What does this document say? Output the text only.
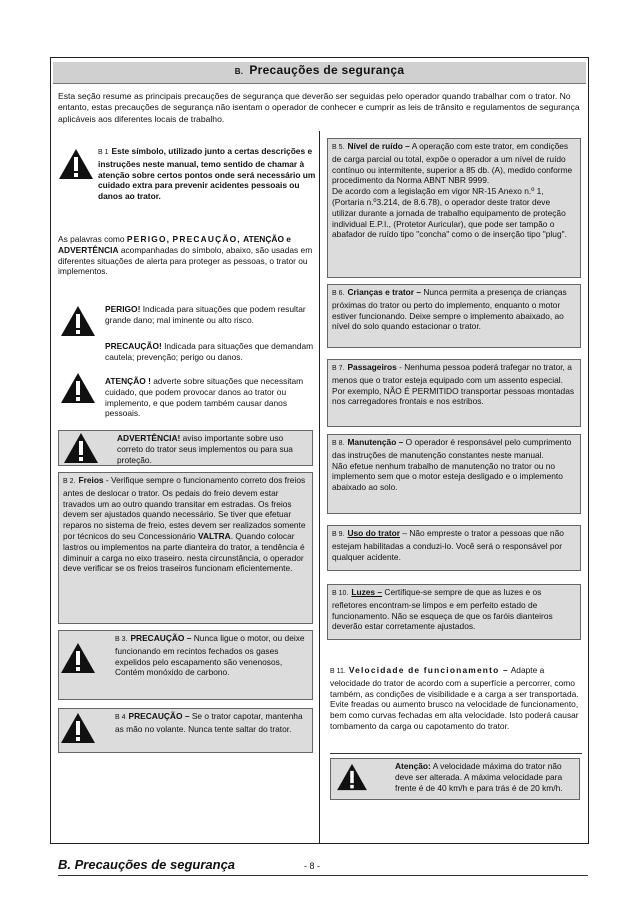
B. Precauções de segurança
Esta seção resume as principais precauções de segurança que deverão ser seguidas pelo operador quando trabalhar com o trator. No entanto, estas precauções de segurança não isentam o operador de conhecer e cumprir as leis de trânsito e regulamentos de segurança aplicáveis aos diferentes locais de trabalho.
B 1 Este símbolo, utilizado junto a certas descrições e instruções neste manual, temo sentido de chamar à atenção sobre certos pontos onde será necessário um cuidado extra para prevenir acidentes pessoais ou danos ao trator.
As palavras como PERIGO, PRECAUÇÃO, ATENÇÃO e ADVERTÊNCIA acompanhadas do símbolo, abaixo, são usadas em diferentes situações de alerta para proteger as pessoas, o trator ou implementos.
PERIGO! Indicada para situações que podem resultar grande dano; mal iminente ou alto risco.
PRECAUÇÃO! Indicada para situações que demandam cautela; prevenção; perigo ou danos.
ATENÇÃO ! adverte sobre situações que necessitam cuidado, que podem provocar danos ao trator ou implemento, e que podem também causar danos pessoais.
ADVERTÊNCIA! aviso importante sobre uso correto do trator seus implementos ou para sua proteção.
B 2. Freios - Verifique sempre o funcionamento correto dos freios antes de deslocar o trator. Os pedais do freio devem estar travados um ao outro quando transitar em estradas. Os freios devem ser ajustados quando necessário. Se tiver que efetuar reparos no sistema de freio, estes devem ser realizados somente por técnicos do seu Concessionário VALTRA. Quando colocar lastros ou implementos na parte dianteira do trator, a tendência é diminuir a carga no eixo traseiro. nesta circunstância, o operador deve verificar se os freios traseiros funcionam eficientemente.
B 3. PRECAUÇÃO – Nunca ligue o motor, ou deixe funcionando em recintos fechados os gases expelidos pelo escapamento são venenosos, Contém monóxido de carbono.
B 4 PRECAUÇÃO – Se o trator capotar, mantenha as mão no volante. Nunca tente saltar do trator.
B 5. Nível de ruído – A operação com este trator, em condições de carga parcial ou total, expõe o operador a um nível de ruído contínuo ou intermitente, superior a 85 db. (A), medido conforme procedimento da Norma ABNT NBR 9999.
De acordo com a legislação em vigor NR-15 Anexo n.º 1, (Portaria n.º3.214, de 8.6.78), o operador deste trator deve utilizar durante a jornada de trabalho equipamento de proteção individual E.P.I., (Protetor Auricular), que pode ser tampão o abafador de ruído tipo "concha" como o de inserção tipo "plug".
B 6. Crianças e trator – Nunca permita a presença de crianças próximas do trator ou perto do implemento, enquanto o motor estiver funcionando. Deixe sempre o implemento abaixado, ao nível do solo quando estacionar o trator.
B 7. Passageiros - Nenhuma pessoa poderá trafegar no trator, a menos que o trator esteja equipado com um assento especial. Por exemplo, NÃO É PERMITIDO transportar pessoas montadas nos carregadores frontais e nos estribos.
B 8. Manutenção – O operador é responsável pelo cumprimento das instruções de manutenção constantes neste manual.
Não efetue nenhum trabalho de manutenção no trator ou no implemento sem que o motor esteja desligado e o implemento abaixado ao solo.
B 9. Uso do trator – Não empreste o trator a pessoas que não estejam habilitadas a conduzi-lo. Você será o responsável por qualquer acidente.
B 10. Luzes – Certifique-se sempre de que as luzes e os refletores encontram-se limpos e em perfeito estado de funcionamento. Não se esqueça de que os faróis dianteiros deverão estar corretamente ajustados.
B 11. Velocidade de funcionamento – Adapte a velocidade do trator de acordo com a superfície a percorrer, como também, as condições de visibilidade e a carga a ser transportada. Evite freadas ou aumento brusco na velocidade de funcionamento, bem como curvas fechadas em alta velocidade. Isto poderá causar tombamento da carga ou capotamento do trator.
Atenção: A velocidade máxima do trator não deve ser alterada. A máxima velocidade para frente é de 40 km/h e para trás é de 20 km/h.
B. Precauções de segurança	- 8 -
